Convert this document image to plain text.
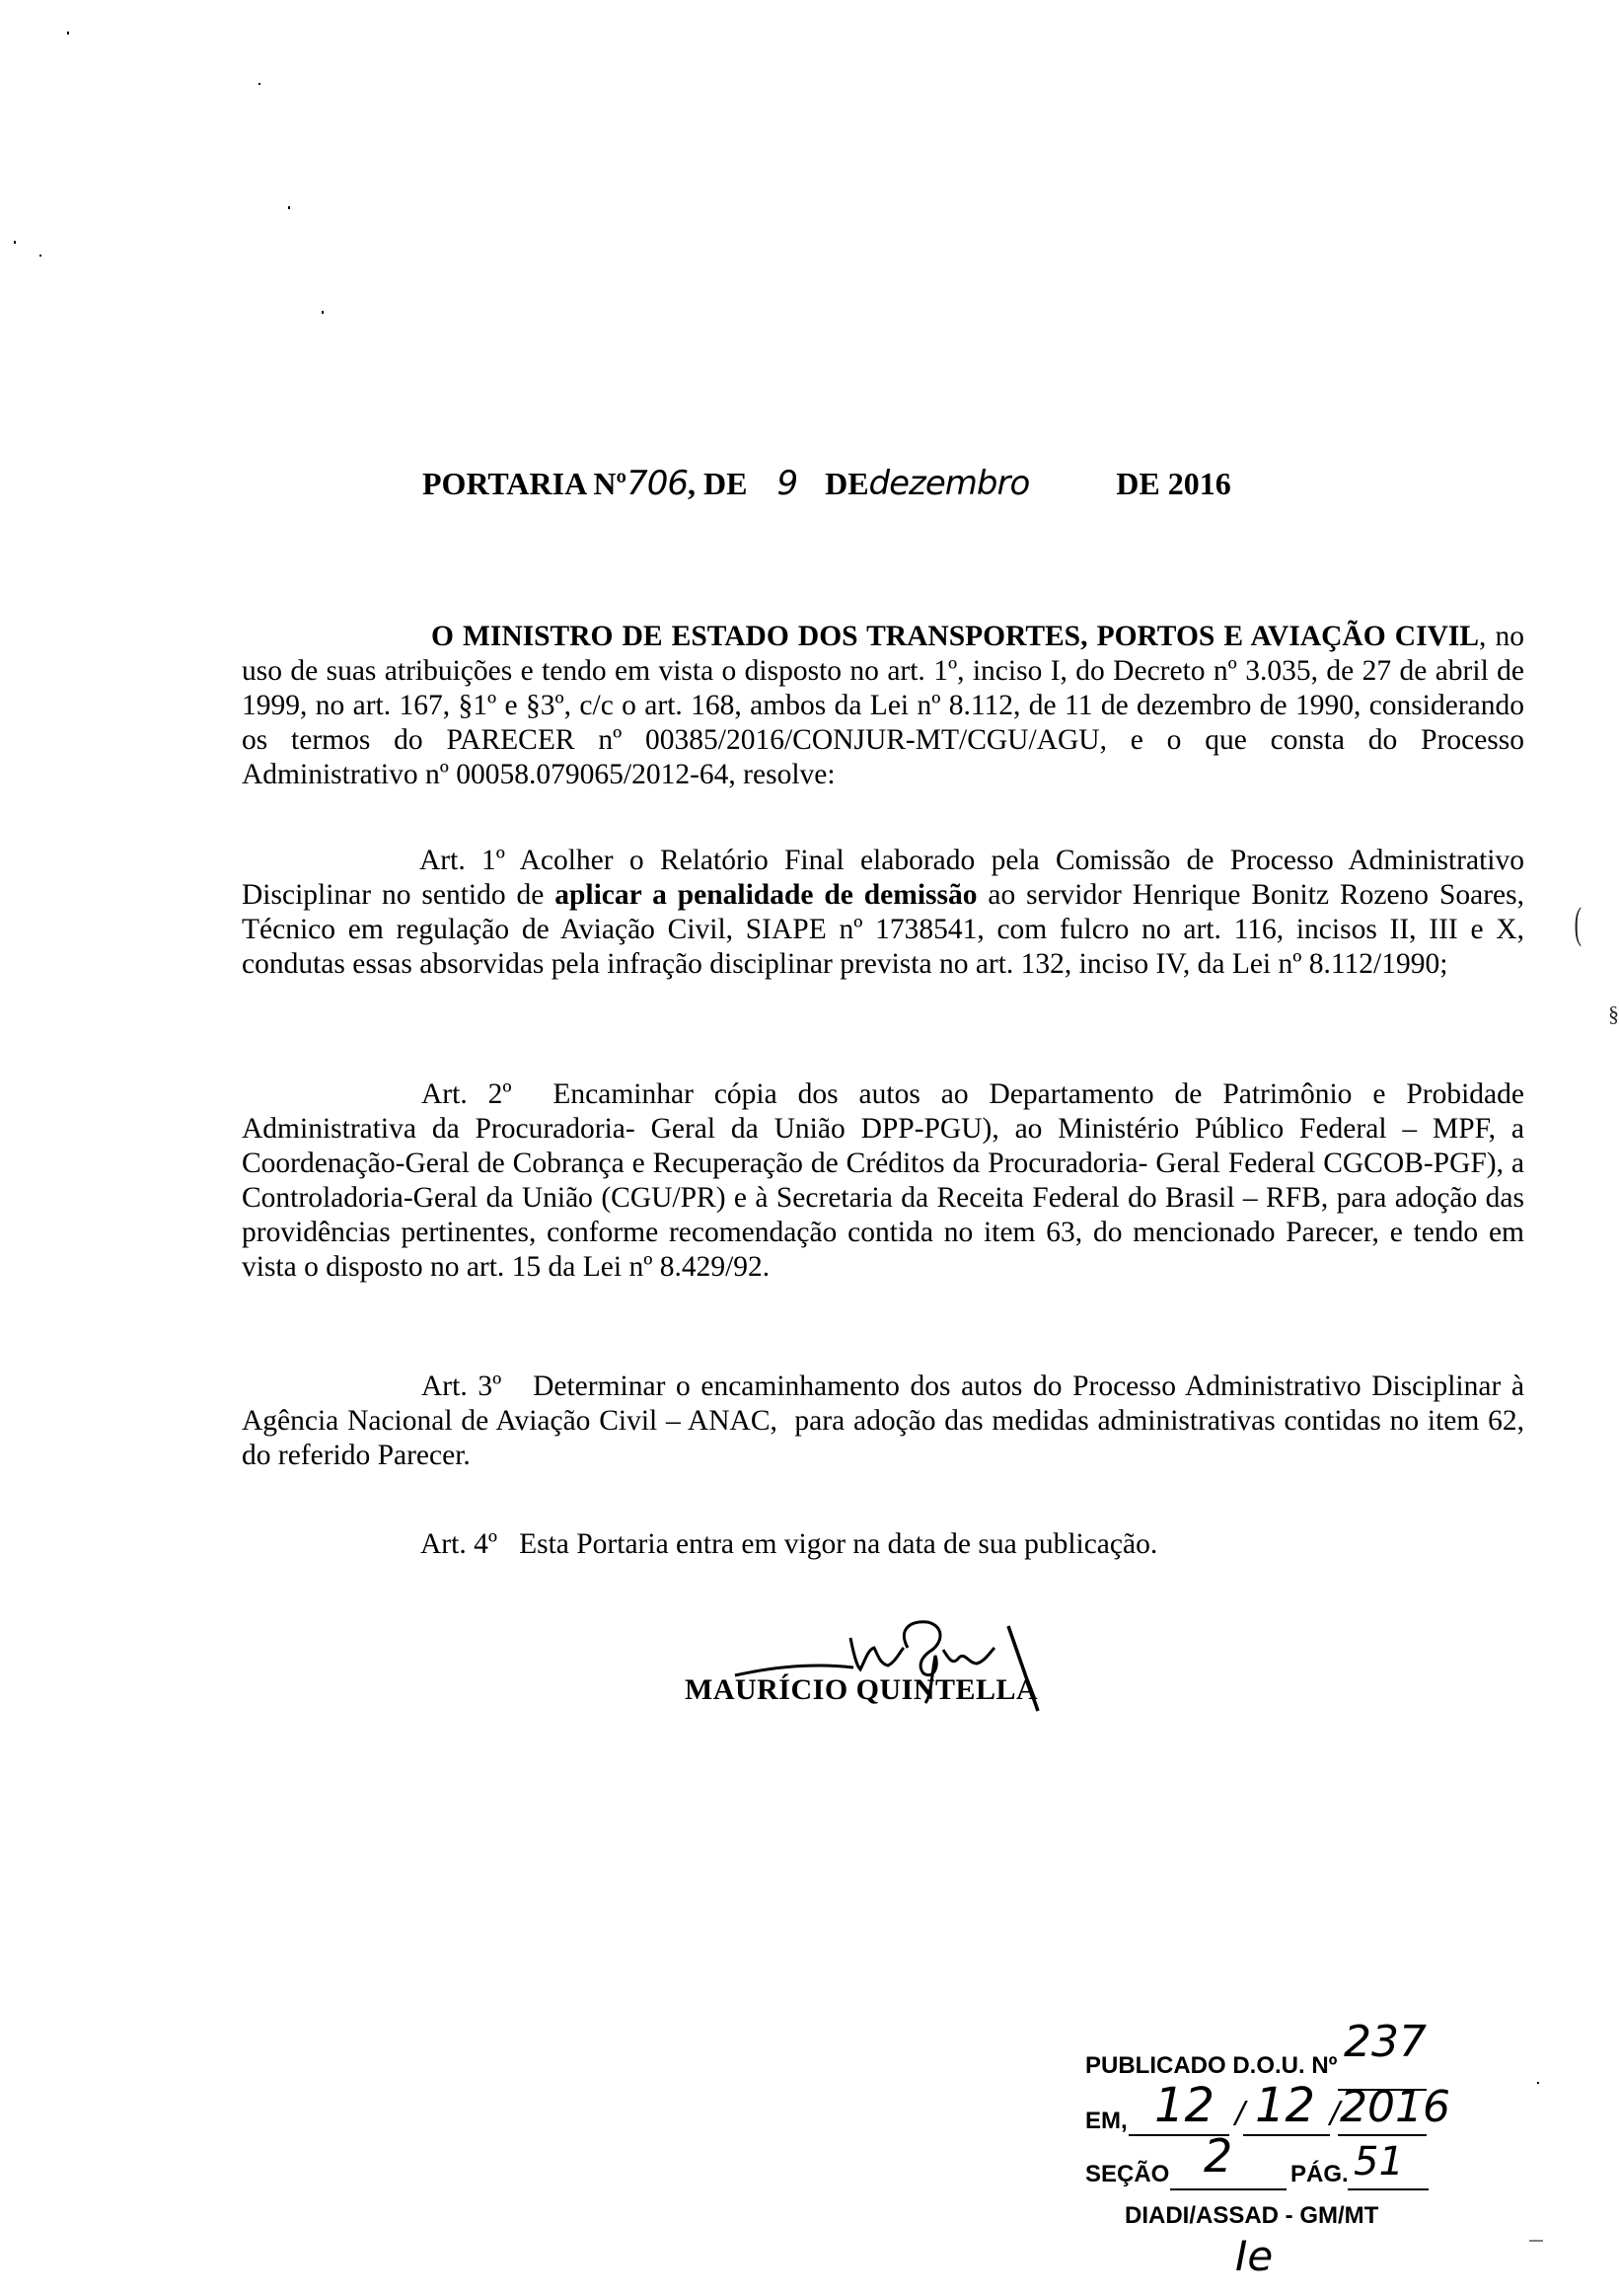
PORTARIA Nº706, DE 9 DEdezembro	DE 2016
O MINISTRO DE ESTADO DOS TRANSPORTES, PORTOS E AVIAÇÃO CIVIL, no uso de suas atribuições e tendo em vista o disposto no art. 1º, inciso I, do Decreto nº 3.035, de 27 de abril de 1999, no art. 167, §1º e §3º, c/c o art. 168, ambos da Lei nº 8.112, de 11 de dezembro de 1990, considerando os termos do PARECER nº 00385/2016/CONJUR-MT/CGU/AGU, e o que consta do Processo Administrativo nº 00058.079065/2012-64, resolve:
Art. 1º Acolher o Relatório Final elaborado pela Comissão de Processo Administrativo Disciplinar no sentido de aplicar a penalidade de demissão ao servidor Henrique Bonitz Rozeno Soares, Técnico em regulação de Aviação Civil, SIAPE nº 1738541, com fulcro no art. 116, incisos II, III e X, condutas essas absorvidas pela infração disciplinar prevista no art. 132, inciso IV, da Lei nº 8.112/1990;
Art. 2º  Encaminhar cópia dos autos ao Departamento de Patrimônio e Probidade Administrativa da Procuradoria- Geral da União DPP-PGU), ao Ministério Público Federal – MPF, a Coordenação-Geral de Cobrança e Recuperação de Créditos da Procuradoria- Geral Federal CGCOB-PGF), a Controladoria-Geral da União (CGU/PR) e à Secretaria da Receita Federal do Brasil – RFB, para adoção das providências pertinentes, conforme recomendação contida no item 63, do mencionado Parecer, e tendo em vista o disposto no art. 15 da Lei nº 8.429/92.
Art. 3º   Determinar o encaminhamento dos autos do Processo Administrativo Disciplinar à Agência Nacional de Aviação Civil – ANAC,  para adoção das medidas administrativas contidas no item 62, do referido Parecer.
Art. 4º   Esta Portaria entra em vigor na data de sua publicação.
MAURÍCIO QUINTELLA
PUBLICADO D.O.U. Nº 237
EM, 12 / 12 / 2016
SEÇÃO 2 PÁG. 51
DIADI/ASSAD - GM/MT
Ie
(
§
